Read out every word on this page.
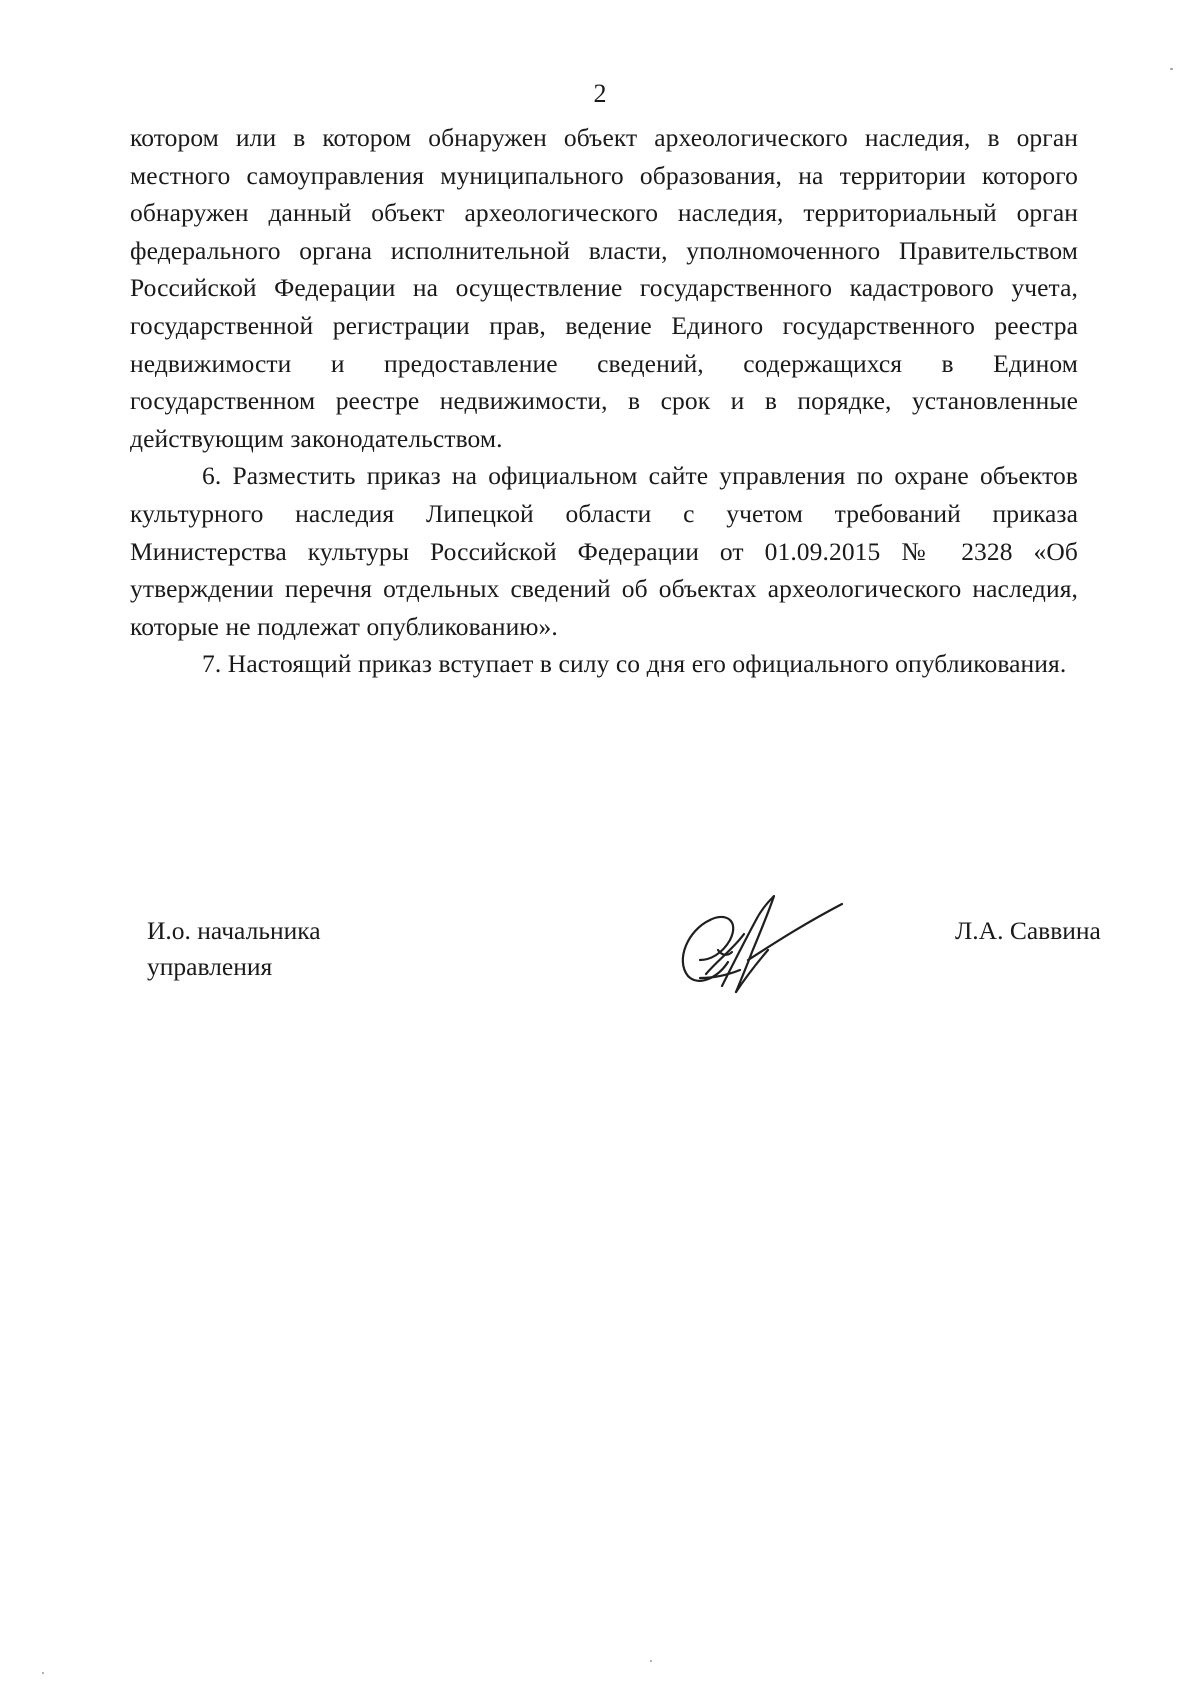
2

котором или в котором обнаружен объект археологического наследия, в орган
местного самоуправления муниципального образования, на территории которого
обнаружен данный объект археологического наследия, территориальный орган
федерального органа исполнительной власти, уполномоченного Правительством
Российской Федерации на осуществление государственного кадастрового учета,
государственной регистрации прав, ведение Единого государственного реестра
недвижимости и предоставление сведений, содержащихся в Едином
государственном реестре недвижимости, в срок и в порядке, установленные
действующим законодательством.

6. Разместить приказ на официальном сайте управления по охране объектов
культурного наследия Липецкой области с учетом требований приказа
Министерства культуры Российской Федерации от 01.09.2015 № 2328 «Об
утверждении перечня отдельных сведений об объектах археологического наследия,
которые не подлежат опубликованию».

7. Настоящий приказ вступает в силу со дня его официального опубликования.

И.о. начальника
управления
Л.А. Саввина
